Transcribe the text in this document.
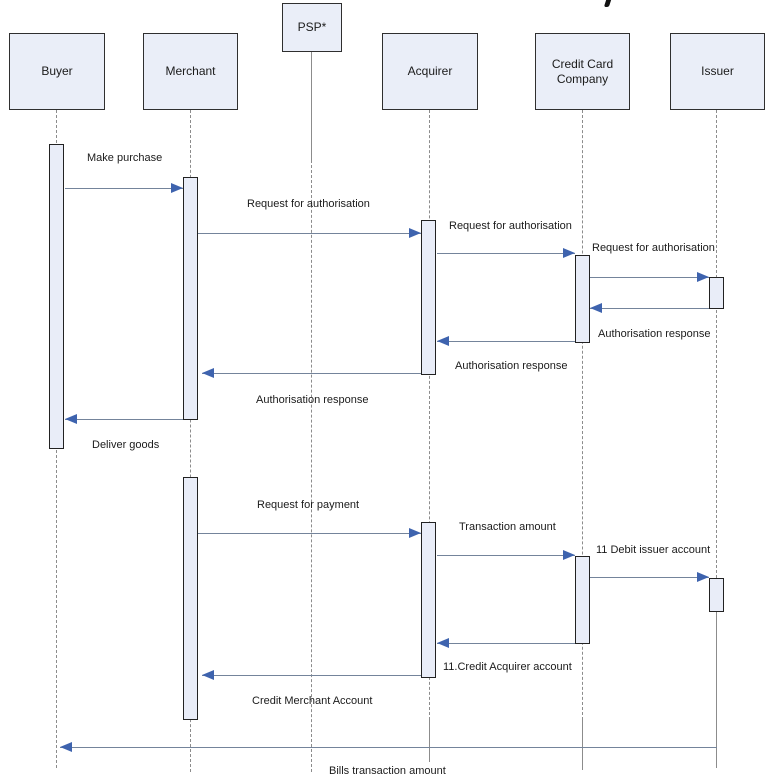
Buyer	Merchant
PSP*
Acquirer
Credit Card Company
Issuer
Make purchase
Request for authorisation
Request for authorisation
Request for authorisation
Authorisation response
Authorisation response
Authorisation response
Deliver goods
Request for payment
Transaction amount
11 Debit issuer account
11.Credit Acquirer account
Credit Merchant Account
Bills transaction amount
